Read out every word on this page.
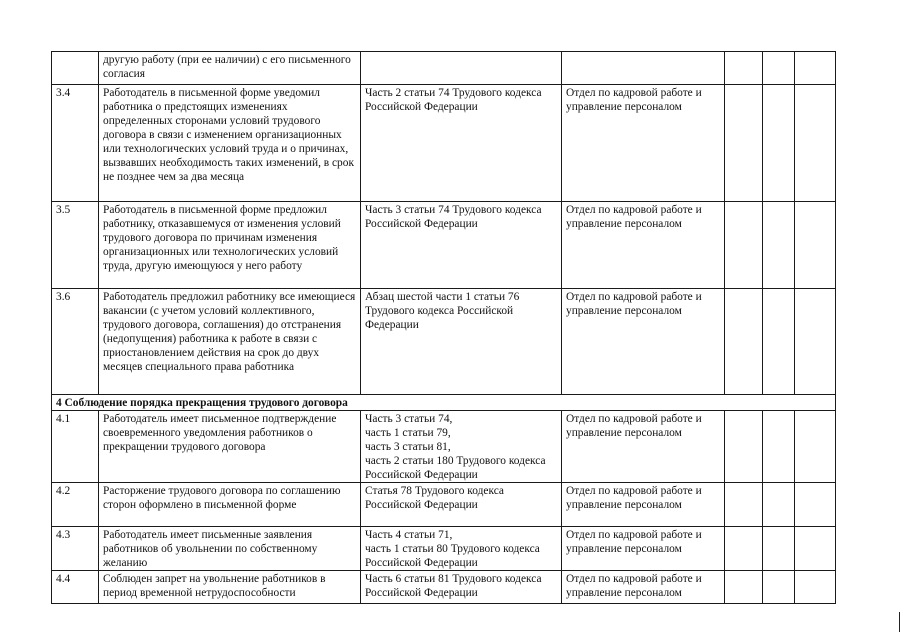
	другую работу (при ее наличии) с его письменного согласия					
3.4	Работодатель в письменной форме уведомил работника о предстоящих изменениях определенных сторонами условий трудового договора в связи с изменением организационных или технологических условий труда и о причинах, вызвавших необходимость таких изменений, в срок не позднее чем за два месяца	Часть 2 статьи 74 Трудового кодекса Российской Федерации	Отдел по кадровой работе и управление персоналом			
3.5	Работодатель в письменной форме предложил работнику, отказавшемуся от изменения условий трудового договора по причинам изменения организационных или технологических условий труда, другую имеющуюся у него работу	Часть 3 статьи 74 Трудового кодекса Российской Федерации	Отдел по кадровой работе и управление персоналом			
3.6	Работодатель предложил работнику все имеющиеся вакансии (с учетом условий коллективного, трудового договора, соглашения) до отстранения (недопущения) работника к работе в связи с приостановлением действия на срок до двух месяцев специального права работника	Абзац шестой части 1 статьи 76 Трудового кодекса Российской Федерации	Отдел по кадровой работе и управление персоналом			
4 Соблюдение порядка прекращения трудового договора						
4.1	Работодатель имеет письменное подтверждение своевременного уведомления работников о прекращении трудового договора	Часть 3 статьи 74,
часть 1 статьи 79,
часть 3 статьи 81,
часть 2 статьи 180 Трудового кодекса Российской Федерации	Отдел по кадровой работе и управление персоналом			
4.2	Расторжение трудового договора по соглашению сторон оформлено в письменной форме	Статья 78 Трудового кодекса Российской Федерации	Отдел по кадровой работе и управление персоналом			
4.3	Работодатель имеет письменные заявления работников об увольнении по собственному желанию	Часть 4 статьи 71,
часть 1 статьи 80 Трудового кодекса Российской Федерации	Отдел по кадровой работе и управление персоналом			
4.4	Соблюден запрет на увольнение работников в период временной нетрудоспособности	Часть 6 статьи 81 Трудового кодекса Российской Федерации	Отдел по кадровой работе и управление персоналом			
